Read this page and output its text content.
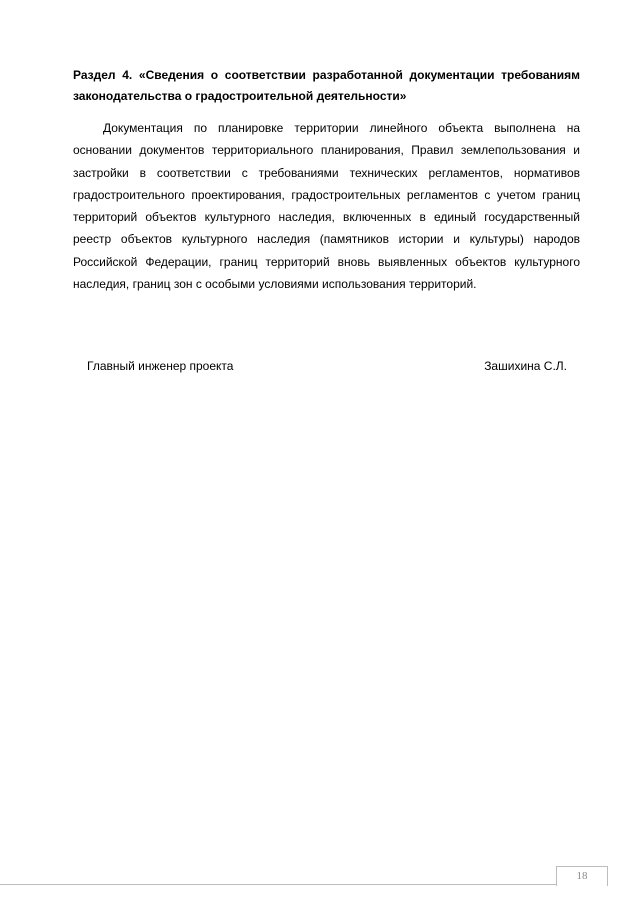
Раздел 4. «Сведения о соответствии разработанной документации требованиям законодательства о градостроительной деятельности»

Документация по планировке территории линейного объекта выполнена на основании документов территориального планирования, Правил землепользования и застройки в соответствии с требованиями технических регламентов, нормативов градостроительного проектирования, градостроительных регламентов с учетом границ территорий объектов культурного наследия, включенных в единый государственный реестр объектов культурного наследия (памятников истории и культуры) народов Российской Федерации, границ территорий вновь выявленных объектов культурного наследия, границ зон с особыми условиями использования территорий.

Главный инженер проекта	Зашихина С.Л.
18
